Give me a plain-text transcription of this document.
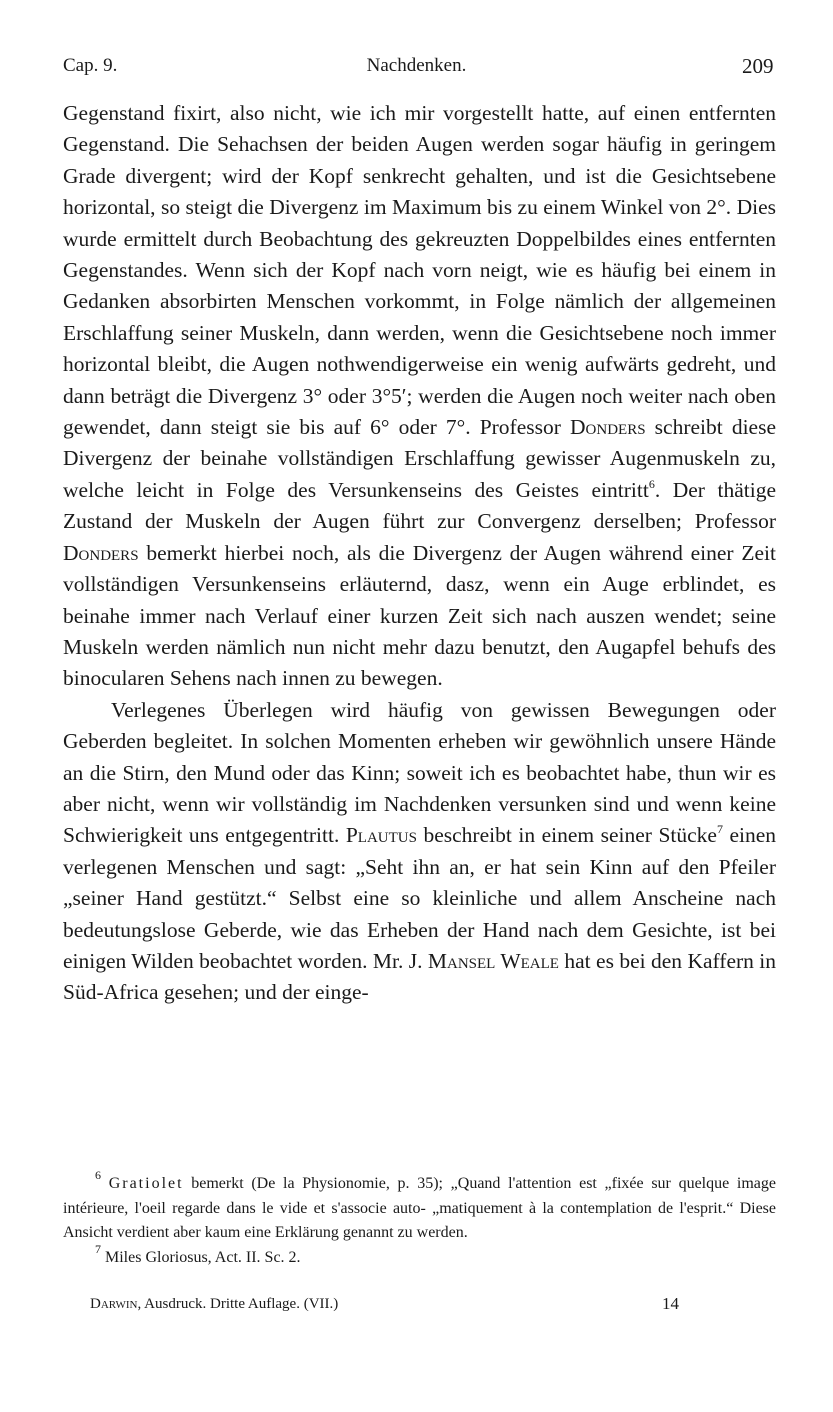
Cap. 9.	Nachdenken.	209

Gegenstand fixirt, also nicht, wie ich mir vorgestellt hatte, auf einen entfernten Gegenstand. Die Sehachsen der beiden Augen werden sogar häufig in geringem Grade divergent; wird der Kopf senkrecht gehalten, und ist die Gesichtsebene horizontal, so steigt die Divergenz im Maximum bis zu einem Winkel von 2°. Dies wurde ermittelt durch Beobachtung des gekreuzten Doppelbildes eines entfernten Gegenstandes. Wenn sich der Kopf nach vorn neigt, wie es häufig bei einem in Gedanken absorbirten Menschen vorkommt, in Folge nämlich der allgemeinen Erschlaffung seiner Muskeln, dann werden, wenn die Gesichtsebene noch immer horizontal bleibt, die Augen nothwendigerweise ein wenig aufwärts gedreht, und dann beträgt die Divergenz 3° oder 3°5′; werden die Augen noch weiter nach oben gewendet, dann steigt sie bis auf 6° oder 7°. Professor Donders schreibt diese Divergenz der beinahe vollständigen Erschlaffung gewisser Augenmuskeln zu, welche leicht in Folge des Versunkenseins des Geistes eintritt$^6$. Der thätige Zustand der Muskeln der Augen führt zur Convergenz derselben; Professor Donders bemerkt hierbei noch, als die Divergenz der Augen während einer Zeit vollständigen Versunkenseins erläuternd, dasz, wenn ein Auge erblindet, es beinahe immer nach Verlauf einer kurzen Zeit sich nach auszen wendet; seine Muskeln werden nämlich nun nicht mehr dazu benutzt, den Augapfel behufs des binocularen Sehens nach innen zu bewegen.

Verlegenes Überlegen wird häufig von gewissen Bewegungen oder Geberden begleitet. In solchen Momenten erheben wir gewöhnlich unsere Hände an die Stirn, den Mund oder das Kinn; soweit ich es beobachtet habe, thun wir es aber nicht, wenn wir vollständig im Nachdenken versunken sind und wenn keine Schwierigkeit uns entgegentritt. Plautus beschreibt in einem seiner Stücke$^7$ einen verlegenen Menschen und sagt: „Seht ihn an, er hat sein Kinn auf den Pfeiler „seiner Hand gestützt.“ Selbst eine so kleinliche und allem Anscheine nach bedeutungslose Geberde, wie das Erheben der Hand nach dem Gesichte, ist bei einigen Wilden beobachtet worden. Mr. J. Mansel Weale hat es bei den Kaffern in Süd-Africa gesehen; und der einge-

$^6$ Gratiolet bemerkt (De la Physionomie, p. 35); „Quand l'attention est „fixée sur quelque image intérieure, l'oeil regarde dans le vide et s'associe auto- „matiquement à la contemplation de l'esprit.“ Diese Ansicht verdient aber kaum eine Erklärung genannt zu werden.

$^7$ Miles Gloriosus, Act. II. Sc. 2.

Darwin, Ausdruck. Dritte Auflage. (VII.)	14
